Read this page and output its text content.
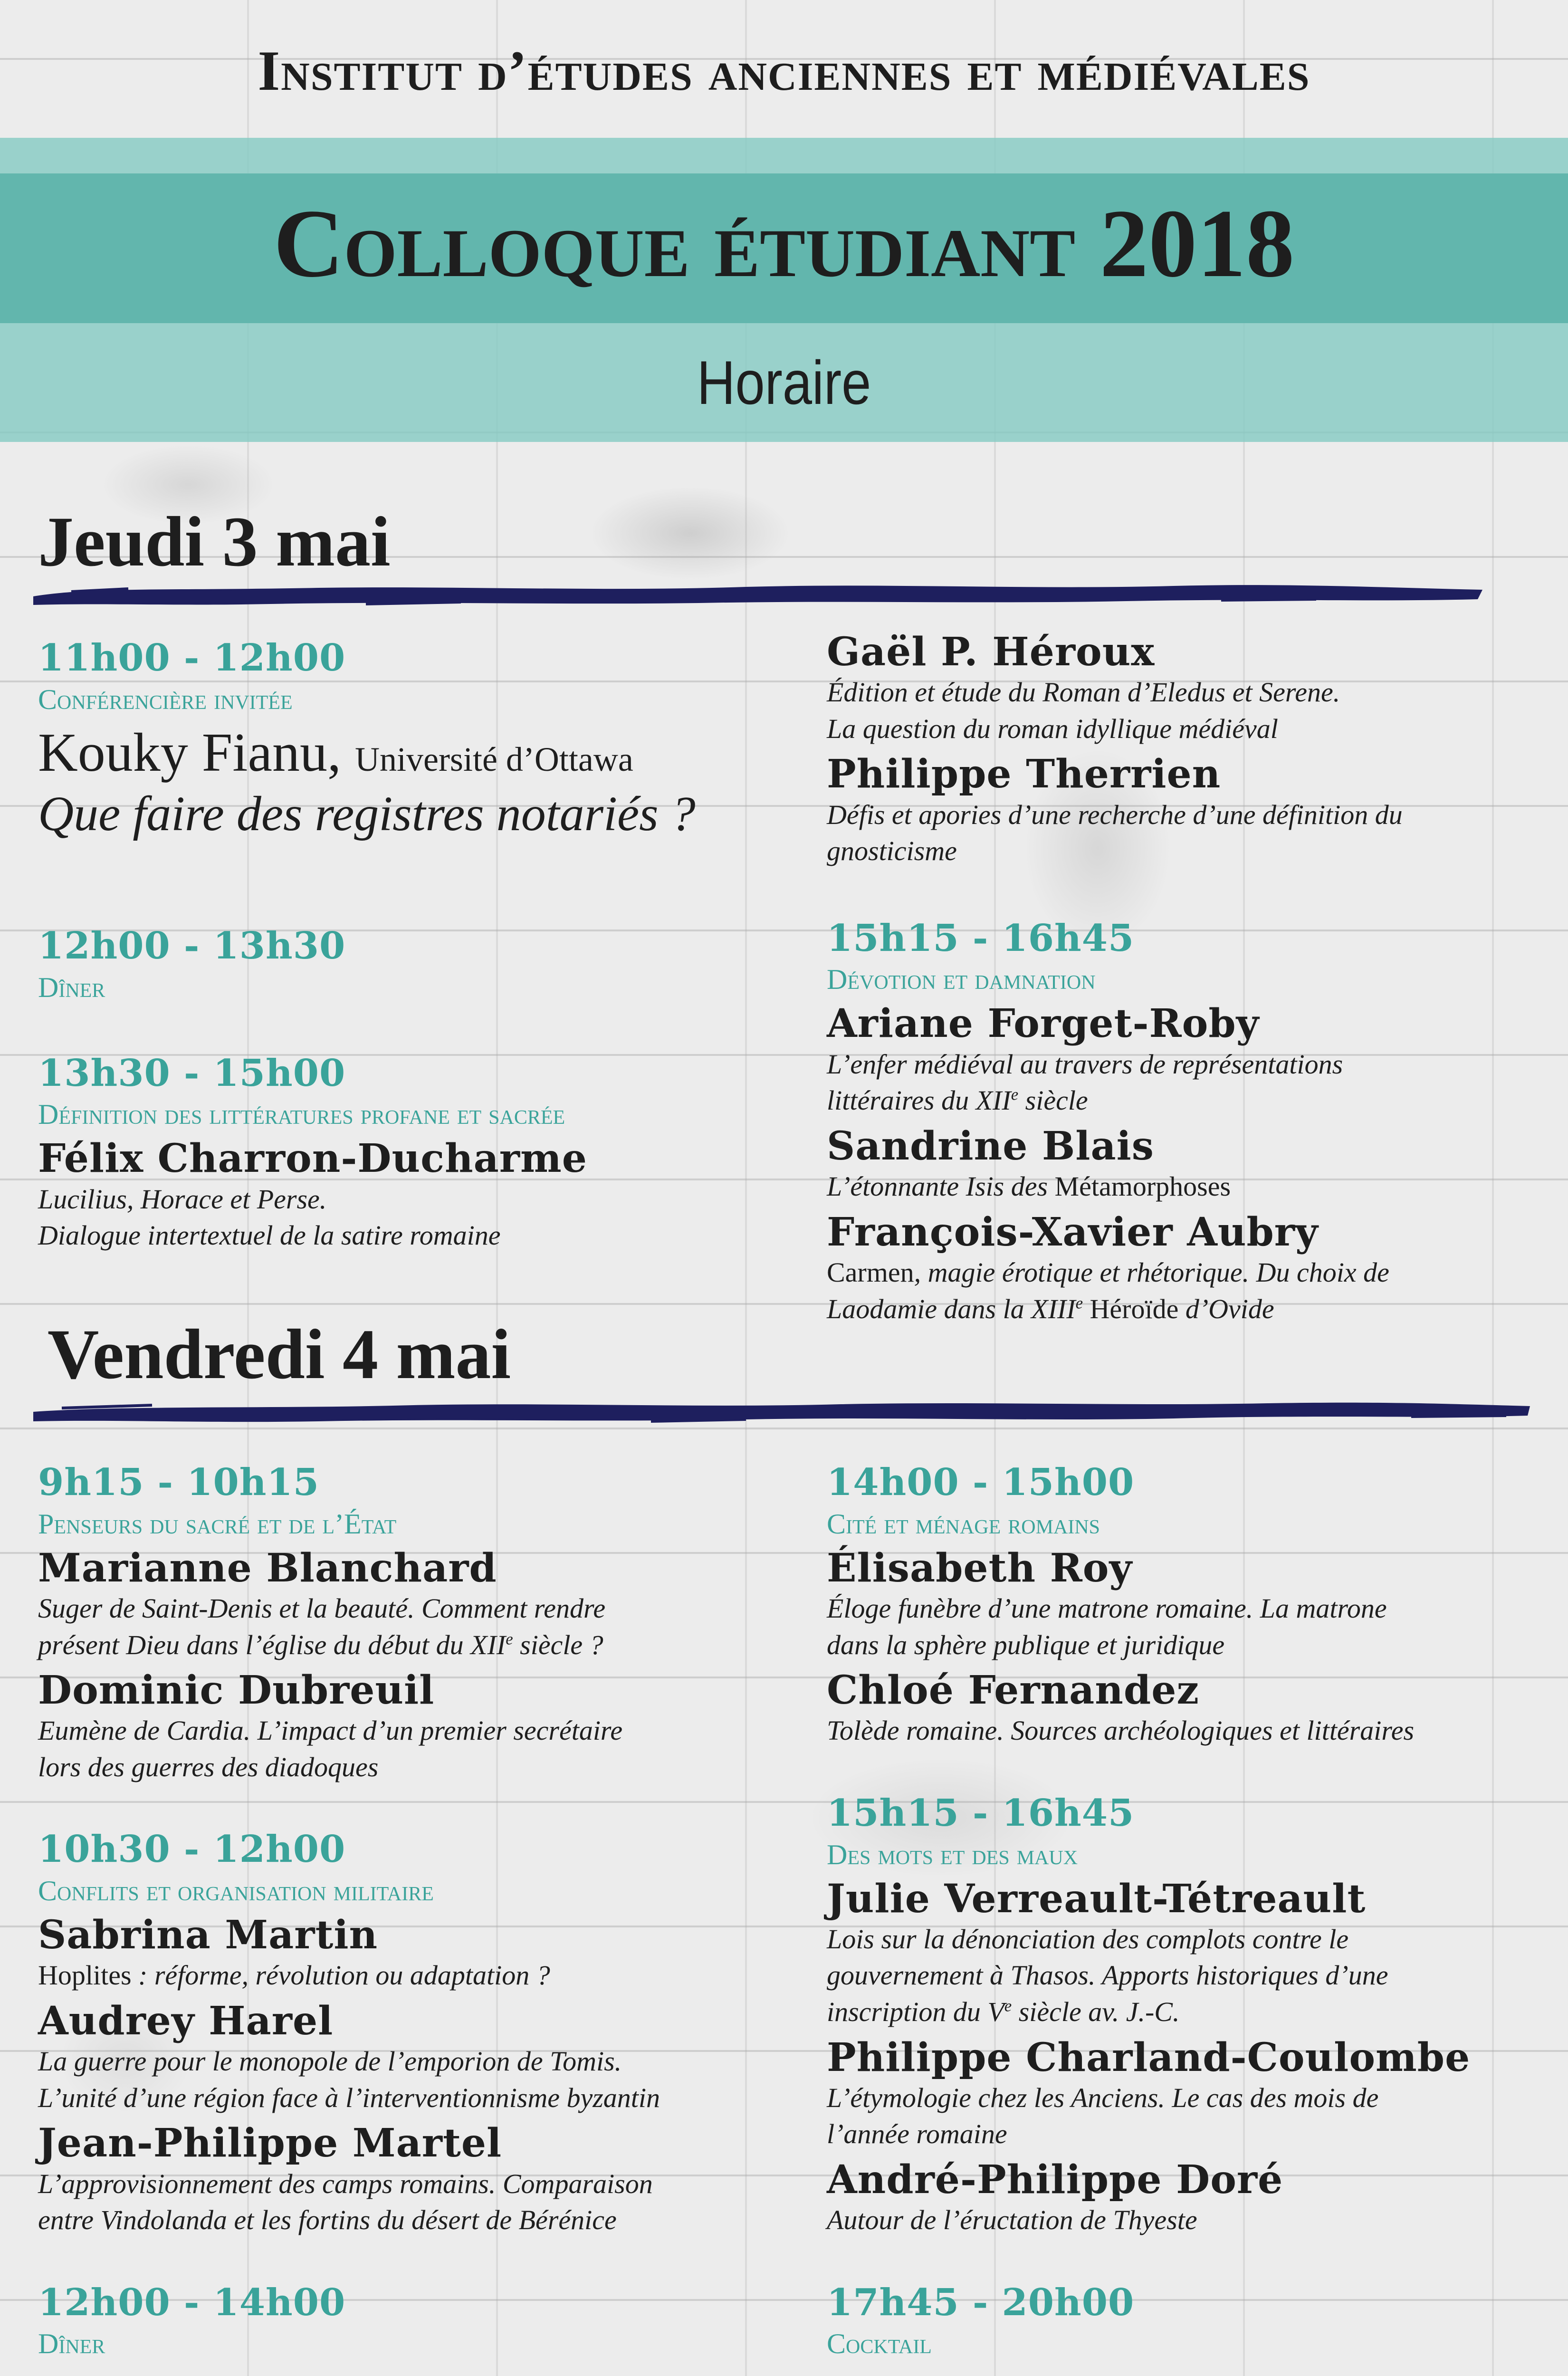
Institut d’études anciennes et médiévales
Colloque étudiant 2018
Horaire
Jeudi 3 mai
11h00 - 12h00
Conférencière invitée
Kouky Fianu, Université d’Ottawa
Que faire des registres notariés ?
12h00 - 13h30
Dîner
13h30 - 15h00
Définition des littératures profane et sacrée
Félix Charron-Ducharme
Lucilius, Horace et Perse.
Dialogue intertextuel de la satire romaine
Gaël P. Héroux
Édition et étude du Roman d’Eledus et Serene.
La question du roman idyllique médiéval
Philippe Therrien
Défis et apories d’une recherche d’une définition du
gnosticisme
15h15 - 16h45
Dévotion et damnation
Ariane Forget-Roby
L’enfer médiéval au travers de représentations
littéraires du XIIe siècle
Sandrine Blais
L’étonnante Isis des Métamorphoses
François-Xavier Aubry
Carmen, magie érotique et rhétorique. Du choix de
Laodamie dans la XIIIe Héroïde d’Ovide
Vendredi 4 mai
9h15 - 10h15
Penseurs du sacré et de l’État
Marianne Blanchard
Suger de Saint-Denis et la beauté. Comment rendre
présent Dieu dans l’église du début du XIIe siècle ?
Dominic Dubreuil
Eumène de Cardia. L’impact d’un premier secrétaire
lors des guerres des diadoques
10h30 - 12h00
Conflits et organisation militaire
Sabrina Martin
Hoplites : réforme, révolution ou adaptation ?
Audrey Harel
La guerre pour le monopole de l’emporion de Tomis.
L’unité d’une région face à l’interventionnisme byzantin
Jean-Philippe Martel
L’approvisionnement des camps romains. Comparaison
entre Vindolanda et les fortins du désert de Bérénice
12h00 - 14h00
Dîner
14h00 - 15h00
Cité et ménage romains
Élisabeth Roy
Éloge funèbre d’une matrone romaine. La matrone
dans la sphère publique et juridique
Chloé Fernandez
Tolède romaine. Sources archéologiques et littéraires
15h15 - 16h45
Des mots et des maux
Julie Verreault-Tétreault
Lois sur la dénonciation des complots contre le
gouvernement à Thasos. Apports historiques d’une
inscription du Ve siècle av. J.-C.
Philippe Charland-Coulombe
L’étymologie chez les Anciens. Le cas des mois de
l’année romaine
André-Philippe Doré
Autour de l’éructation de Thyeste
17h45 - 20h00
Cocktail
